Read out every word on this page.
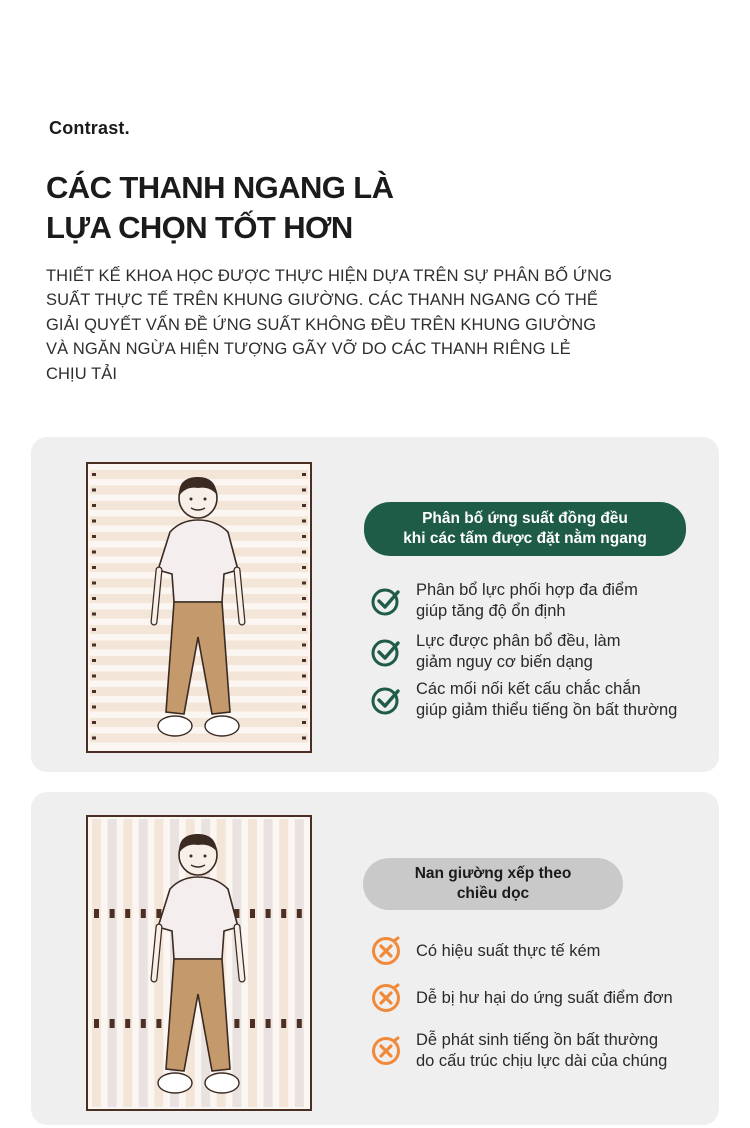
Contrast.
CÁC THANH NGANG LÀ
LỰA CHỌN TỐT HƠN
THIẾT KẾ KHOA HỌC ĐƯỢC THỰC HIỆN DỰA TRÊN SỰ PHÂN BỐ ỨNG
SUẤT THỰC TẾ TRÊN KHUNG GIƯỜNG. CÁC THANH NGANG CÓ THỂ
GIẢI QUYẾT VẤN ĐỀ ỨNG SUẤT KHÔNG ĐỀU TRÊN KHUNG GIƯỜNG
VÀ NGĂN NGỪA HIỆN TƯỢNG GÃY VỠ DO CÁC THANH RIÊNG LẺ
CHỊU TẢI
Phân bố ứng suất đồng đều
khi các tấm được đặt nằm ngang
Phân bổ lực phối hợp đa điểm
giúp tăng độ ổn định
Lực được phân bổ đều, làm
giảm nguy cơ biến dạng
Các mối nối kết cấu chắc chắn
giúp giảm thiểu tiếng ồn bất thường
Nan giường xếp theo
chiều dọc
Có hiệu suất thực tế kém
Dễ bị hư hại do ứng suất điểm đơn
Dễ phát sinh tiếng ồn bất thường
do cấu trúc chịu lực dài của chúng
